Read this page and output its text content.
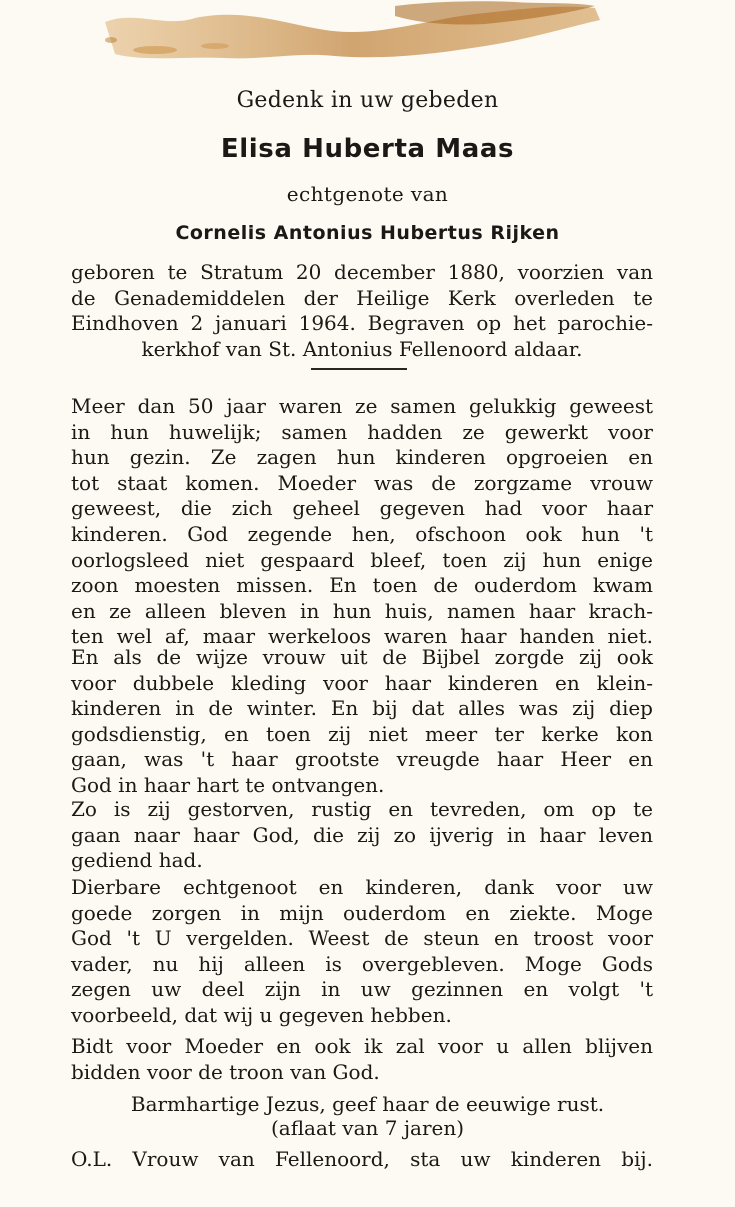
Gedenk in uw gebeden
Elisa Huberta Maas
echtgenote van
Cornelis Antonius Hubertus Rijken
geboren te Stratum 20 december 1880, voorzien van
de Genademiddelen der Heilige Kerk overleden te
Eindhoven 2 januari 1964. Begraven op het parochie-
kerkhof van St. Antonius Fellenoord aldaar.
Meer dan 50 jaar waren ze samen gelukkig geweest
in hun huwelijk; samen hadden ze gewerkt voor
hun gezin. Ze zagen hun kinderen opgroeien en
tot staat komen. Moeder was de zorgzame vrouw
geweest, die zich geheel gegeven had voor haar
kinderen. God zegende hen, ofschoon ook hun 't
oorlogsleed niet gespaard bleef, toen zij hun enige
zoon moesten missen. En toen de ouderdom kwam
en ze alleen bleven in hun huis, namen haar krach-
ten wel af, maar werkeloos waren haar handen niet.
En als de wijze vrouw uit de Bijbel zorgde zij ook
voor dubbele kleding voor haar kinderen en klein-
kinderen in de winter. En bij dat alles was zij diep
godsdienstig, en toen zij niet meer ter kerke kon
gaan, was 't haar grootste vreugde haar Heer en
God in haar hart te ontvangen.
Zo is zij gestorven, rustig en tevreden, om op te
gaan naar haar God, die zij zo ijverig in haar leven
gediend had.
Dierbare echtgenoot en kinderen, dank voor uw
goede zorgen in mijn ouderdom en ziekte. Moge
God 't U vergelden. Weest de steun en troost voor
vader, nu hij alleen is overgebleven. Moge Gods
zegen uw deel zijn in uw gezinnen en volgt 't
voorbeeld, dat wij u gegeven hebben.
Bidt voor Moeder en ook ik zal voor u allen blijven
bidden voor de troon van God.
Barmhartige Jezus, geef haar de eeuwige rust.
(aflaat van 7 jaren)
O.L. Vrouw van Fellenoord, sta uw kinderen bij.
